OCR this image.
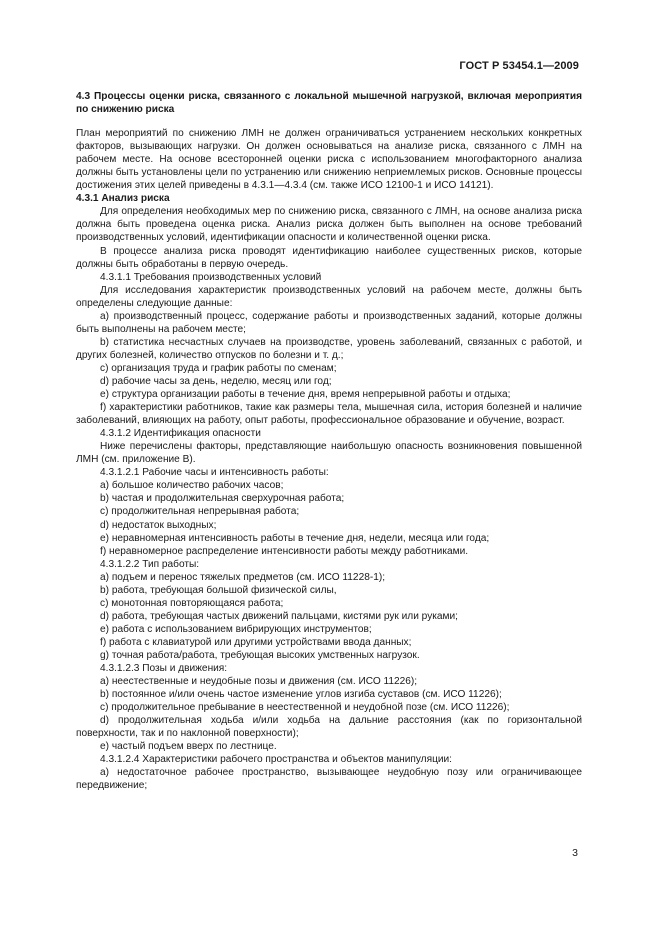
ГОСТ Р 53454.1—2009

4.3 Процессы оценки риска, связанного с локальной мышечной нагрузкой, включая мероприятия по снижению риска

План мероприятий по снижению ЛМН не должен ограничиваться устранением нескольких конкретных факторов, вызывающих нагрузки. Он должен основываться на анализе риска, связанного с ЛМН на рабочем месте. На основе всесторонней оценки риска с использованием многофакторного анализа должны быть установлены цели по устранению или снижению неприемлемых рисков. Основные процессы достижения этих целей приведены в 4.3.1—4.3.4 (см. также ИСО 12100-1 и ИСО 14121).

4.3.1 Анализ риска

Для определения необходимых мер по снижению риска, связанного с ЛМН, на основе анализа риска должна быть проведена оценка риска. Анализ риска должен быть выполнен на основе требований производственных условий, идентификации опасности и количественной оценки риска.

В процессе анализа риска проводят идентификацию наиболее существенных рисков, которые должны быть обработаны в первую очередь.

4.3.1.1 Требования производственных условий

Для исследования характеристик производственных условий на рабочем месте, должны быть определены следующие данные:

a) производственный процесс, содержание работы и производственных заданий, которые должны быть выполнены на рабочем месте;

b) статистика несчастных случаев на производстве, уровень заболеваний, связанных с работой, и других болезней, количество отпусков по болезни и т. д.;

c) организация труда и график работы по сменам;

d) рабочие часы за день, неделю, месяц или год;

e) структура организации работы в течение дня, время непрерывной работы и отдыха;

f) характеристики работников, такие как размеры тела, мышечная сила, история болезней и наличие заболеваний, влияющих на работу, опыт работы, профессиональное образование и обучение, возраст.

4.3.1.2 Идентификация опасности

Ниже перечислены факторы, представляющие наибольшую опасность возникновения повышенной ЛМН (см. приложение В).

4.3.1.2.1 Рабочие часы и интенсивность работы:

a) большое количество рабочих часов;

b) частая и продолжительная сверхурочная работа;

c) продолжительная непрерывная работа;

d) недостаток выходных;

e) неравномерная интенсивность работы в течение дня, недели, месяца или года;

f) неравномерное распределение интенсивности работы между работниками.

4.3.1.2.2 Тип работы:

a) подъем и перенос тяжелых предметов (см. ИСО 11228-1);

b) работа, требующая большой физической силы,

c) монотонная повторяющаяся работа;

d) работа, требующая частых движений пальцами, кистями рук или руками;

e) работа с использованием вибрирующих инструментов;

f) работа с клавиатурой или другими устройствами ввода данных;

g) точная работа/работа, требующая высоких умственных нагрузок.

4.3.1.2.3 Позы и движения:

a) неестественные и неудобные позы и движения (см. ИСО 11226);

b) постоянное и/или очень частое изменение углов изгиба суставов (см. ИСО 11226);

c) продолжительное пребывание в неестественной и неудобной позе (см. ИСО 11226);

d) продолжительная ходьба и/или ходьба на дальние расстояния (как по горизонтальной поверхности, так и по наклонной поверхности);

e) частый подъем вверх по лестнице.

4.3.1.2.4 Характеристики рабочего пространства и объектов манипуляции:

a) недостаточное рабочее пространство, вызывающее неудобную позу или ограничивающее передвижение;

3
